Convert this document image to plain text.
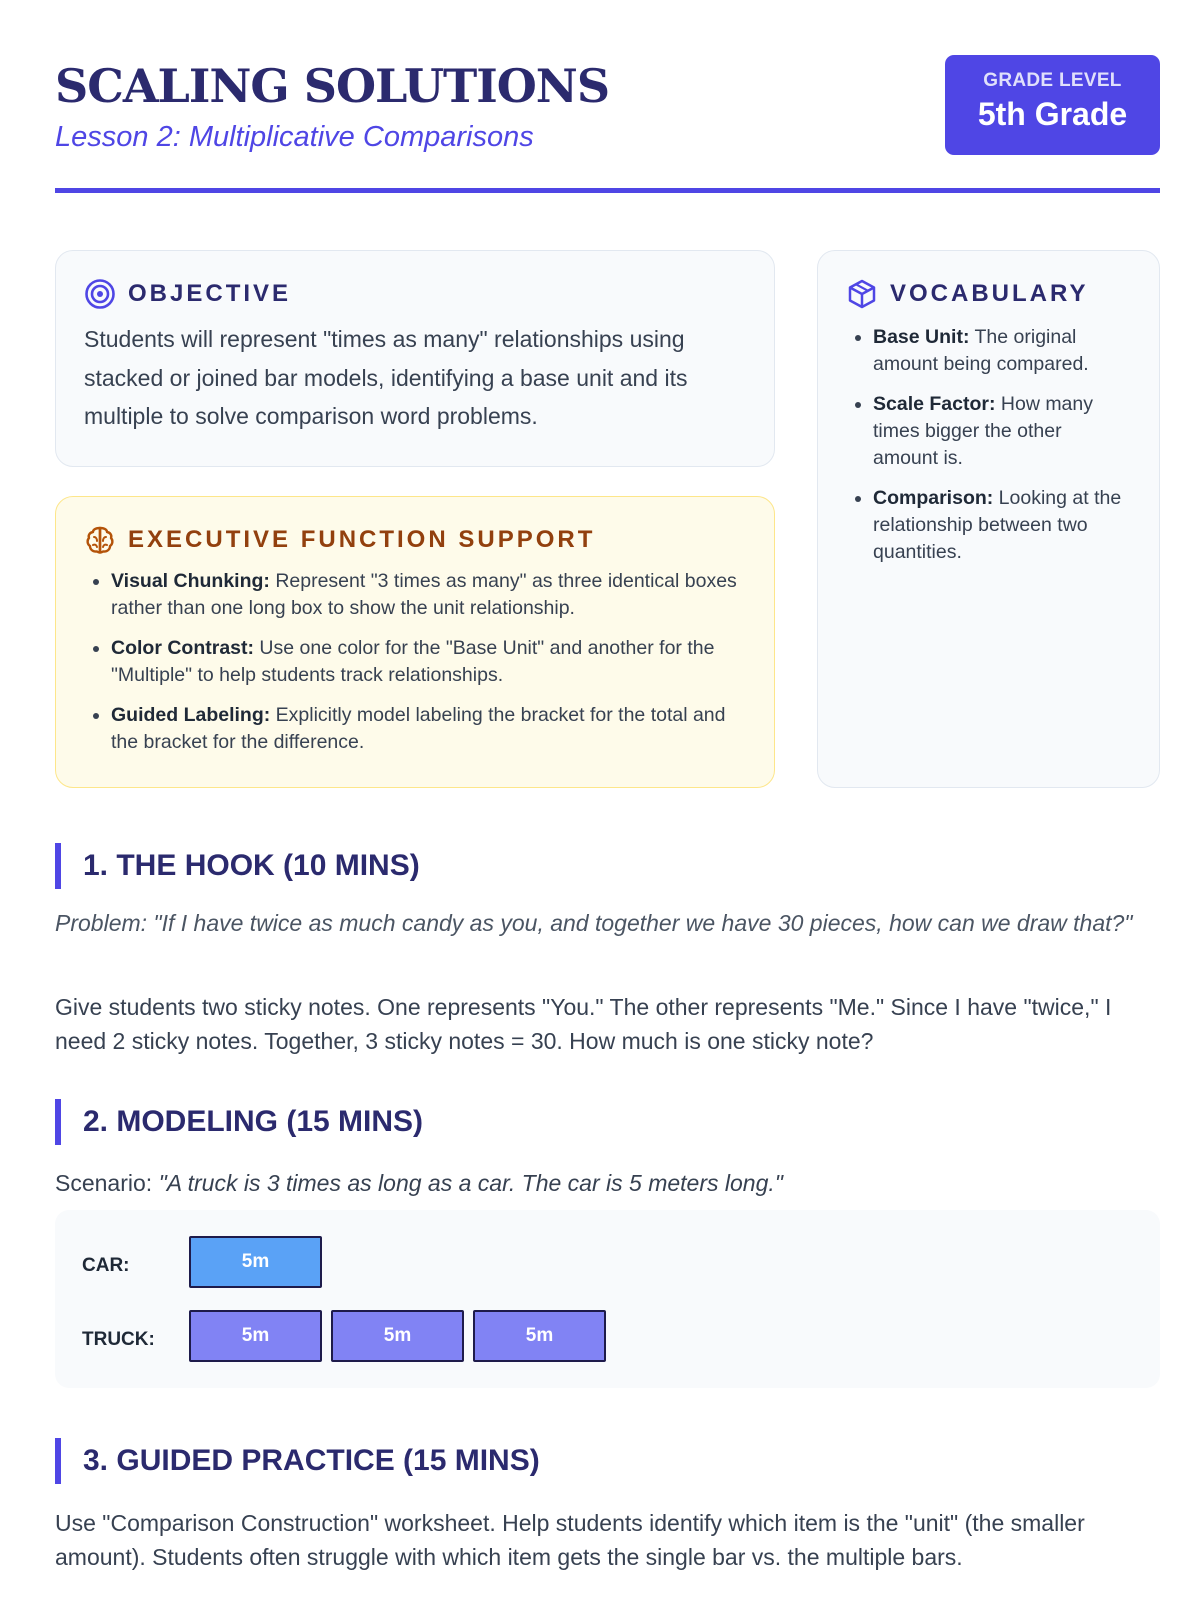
SCALING SOLUTIONS
Lesson 2: Multiplicative Comparisons
GRADE LEVEL
5th Grade
OBJECTIVE

Students will represent "times as many" relationships using stacked or joined bar models, identifying a base unit and its multiple to solve comparison word problems.

EXECUTIVE FUNCTION SUPPORT
• Visual Chunking: Represent "3 times as many" as three identical boxes rather than one long box to show the unit relationship.
• Color Contrast: Use one color for the "Base Unit" and another for the "Multiple" to help students track relationships.
• Guided Labeling: Explicitly model labeling the bracket for the total and the bracket for the difference.
VOCABULARY
• Base Unit: The original amount being compared.
• Scale Factor: How many times bigger the other amount is.
• Comparison: Looking at the relationship between two quantities.
1. THE HOOK (10 MINS)
Problem: "If I have twice as much candy as you, and together we have 30 pieces, how can we draw that?"
Give students two sticky notes. One represents "You." The other represents "Me." Since I have "twice," I need 2 sticky notes. Together, 3 sticky notes = 30. How much is one sticky note?
2. MODELING (15 MINS)
Scenario: "A truck is 3 times as long as a car. The car is 5 meters long."
CAR:	5m
TRUCK:	5m	5m	5m
3. GUIDED PRACTICE (15 MINS)
Use "Comparison Construction" worksheet. Help students identify which item is the "unit" (the smaller amount). Students often struggle with which item gets the single bar vs. the multiple bars.
